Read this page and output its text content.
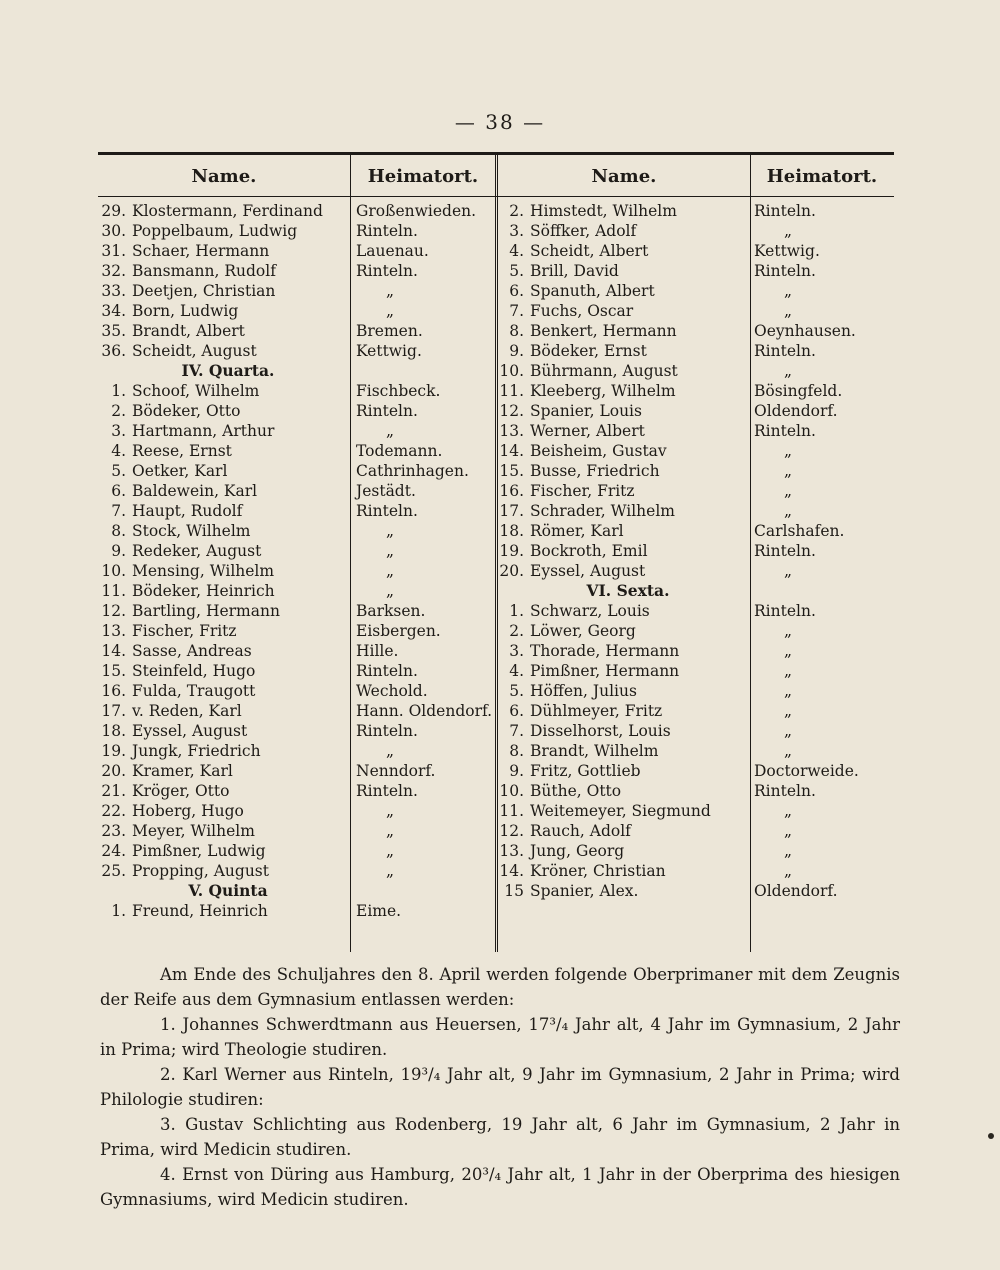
— 38 —
Name.	Heimatort.	Name.	Heimatort.
29. Klostermann, Ferdinand Großenwieden.
30. Poppelbaum, Ludwig	Rinteln.
31. Schaer, Hermann	Lauenau.
32. Bansmann, Rudolf	Rinteln.
33. Deetjen, Christian	„
34. Born, Ludwig	„
35. Brandt, Albert	Bremen.
36. Scheidt, August	Kettwig.
IV. Quarta.
1. Schoof, Wilhelm	Fischbeck.
2. Bödeker, Otto	Rinteln.
3. Hartmann, Arthur	„
4. Reese, Ernst	Todemann.
5. Oetker, Karl	Cathrinhagen.
6. Baldewein, Karl	Jestädt.
7. Haupt, Rudolf	Rinteln.
8. Stock, Wilhelm	„
9. Redeker, August	„
10. Mensing, Wilhelm	„
11. Bödeker, Heinrich	„
12. Bartling, Hermann	Barksen.
13. Fischer, Fritz	Eisbergen.
14. Sasse, Andreas	Hille.
15. Steinfeld, Hugo	Rinteln.
16. Fulda, Traugott	Wechold.
17. v. Reden, Karl	Hann. Oldendorf.
18. Eyssel, August	Rinteln.
19. Jungk, Friedrich	„
20. Kramer, Karl	Nenndorf.
21. Kröger, Otto	Rinteln.
22. Hoberg, Hugo	„
23. Meyer, Wilhelm	„
24. Pimßner, Ludwig	„
25. Propping, August	„
V. Quinta
1. Freund, Heinrich	Eime.
2. Himstedt, Wilhelm	Rinteln.
3. Söffker, Adolf	„
4. Scheidt, Albert	Kettwig.
5. Brill, David	Rinteln.
6. Spanuth, Albert	„
7. Fuchs, Oscar	„
8. Benkert, Hermann	Oeynhausen.
9. Bödeker, Ernst	Rinteln.
10. Bührmann, August	„
11. Kleeberg, Wilhelm	Bösingfeld.
12. Spanier, Louis	Oldendorf.
13. Werner, Albert	Rinteln.
14. Beisheim, Gustav	„
15. Busse, Friedrich	„
16. Fischer, Fritz	„
17. Schrader, Wilhelm	„
18. Römer, Karl	Carlshafen.
19. Bockroth, Emil	Rinteln.
20. Eyssel, August	„
VI. Sexta.
1. Schwarz, Louis	Rinteln.
2. Löwer, Georg	„
3. Thorade, Hermann	„
4. Pimßner, Hermann	„
5. Höffen, Julius	„
6. Dühlmeyer, Fritz	„
7. Disselhorst, Louis	„
8. Brandt, Wilhelm	„
9. Fritz, Gottlieb	Doctorweide.
10. Büthe, Otto	Rinteln.
11. Weitemeyer, Siegmund	„
12. Rauch, Adolf	„
13. Jung, Georg	„
14. Kröner, Christian	„
15 Spanier, Alex.	Oldendorf.

Am Ende des Schuljahres den 8. April werden folgende Oberprimaner mit dem Zeugnis der Reife aus dem Gymnasium entlassen werden:

1. Johannes Schwerdtmann aus Heuersen, 17³/₄ Jahr alt, 4 Jahr im Gymnasium, 2 Jahr in Prima; wird Theologie studiren.

2. Karl Werner aus Rinteln, 19³/₄ Jahr alt, 9 Jahr im Gymnasium, 2 Jahr in Prima; wird Philologie studiren:

3. Gustav Schlichting aus Rodenberg, 19 Jahr alt, 6 Jahr im Gymnasium, 2 Jahr in Prima, wird Medicin studiren.

4. Ernst von Düring aus Hamburg, 20³/₄ Jahr alt, 1 Jahr in der Oberprima des hiesigen Gymnasiums, wird Medicin studiren.
